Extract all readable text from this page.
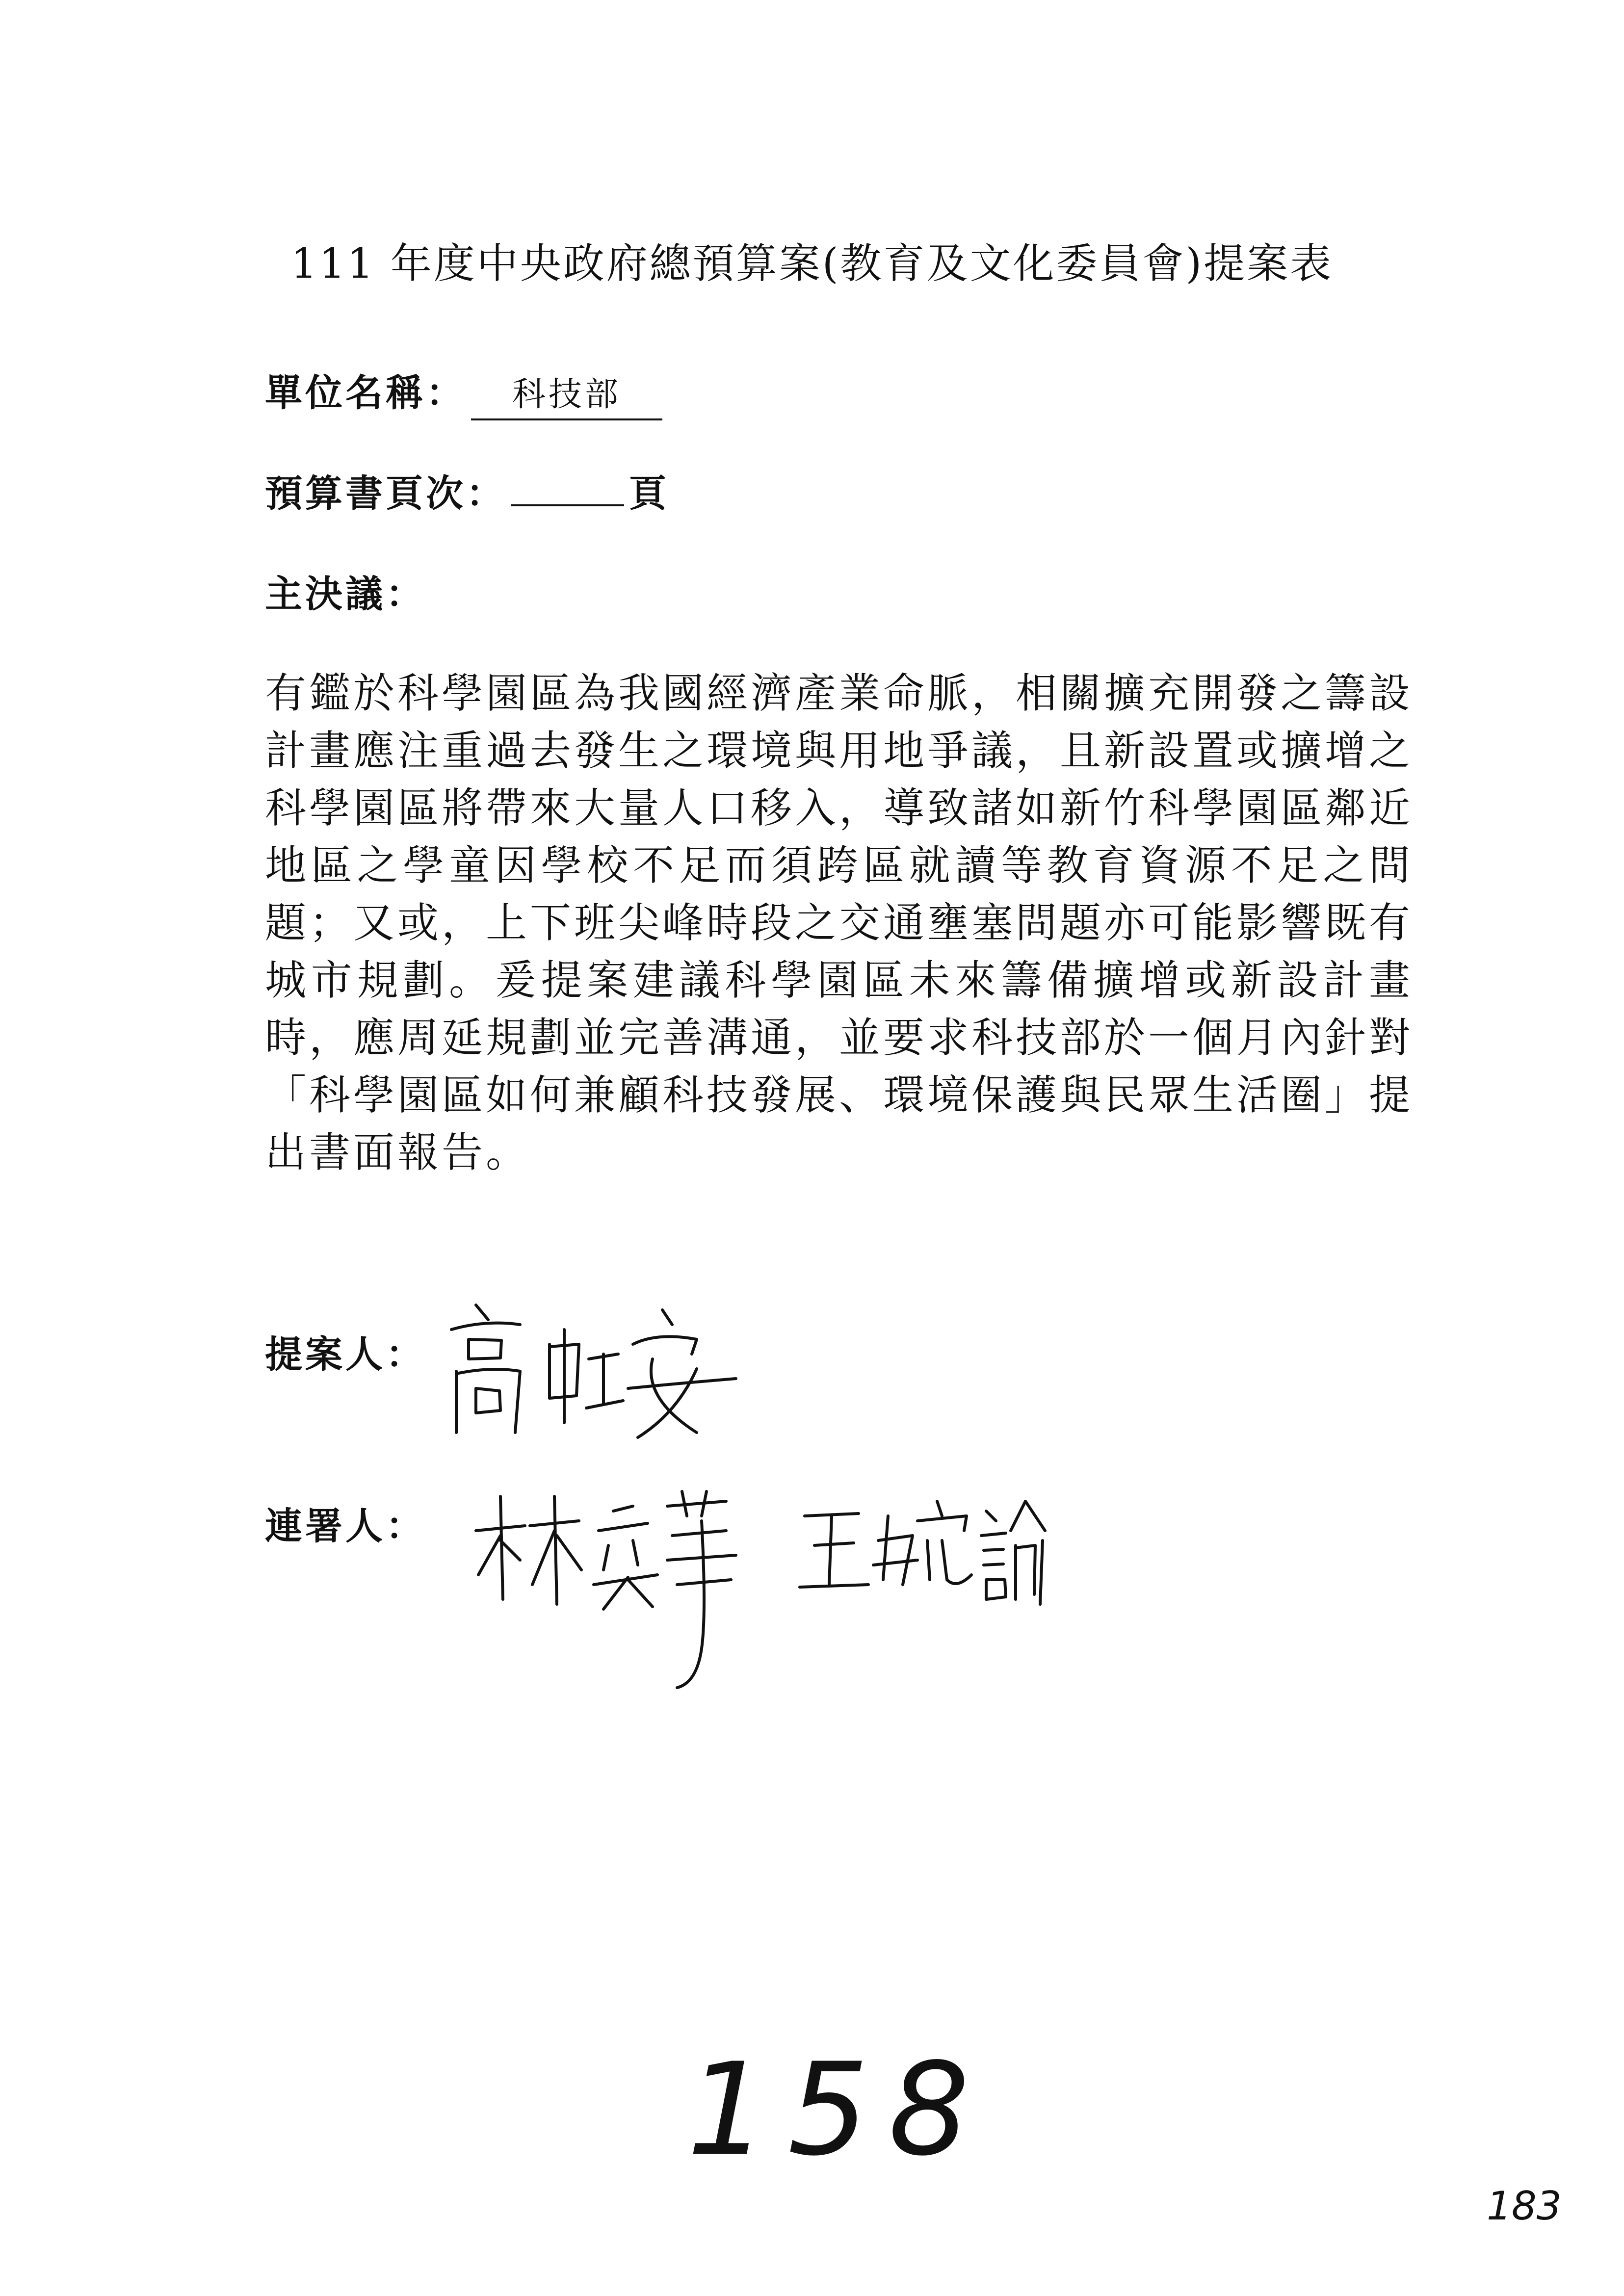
111 年度中央政府總預算案(教育及文化委員會)提案表
單位名稱： 科技部
預算書頁次：	頁
主決議：
有鑑於科學園區為我國經濟產業命脈，相關擴充開發之籌設計畫應注重過去發生之環境與用地爭議，且新設置或擴增之科學園區將帶來大量人口移入，導致諸如新竹科學園區鄰近地區之學童因學校不足而須跨區就讀等教育資源不足之問題；又或，上下班尖峰時段之交通壅塞問題亦可能影響既有城市規劃。爰提案建議科學園區未來籌備擴增或新設計畫時，應周延規劃並完善溝通，並要求科技部於一個月內針對「科學園區如何兼顧科技發展、環境保護與民眾生活圈」提出書面報告。
提案人：
連署人：
158
183
